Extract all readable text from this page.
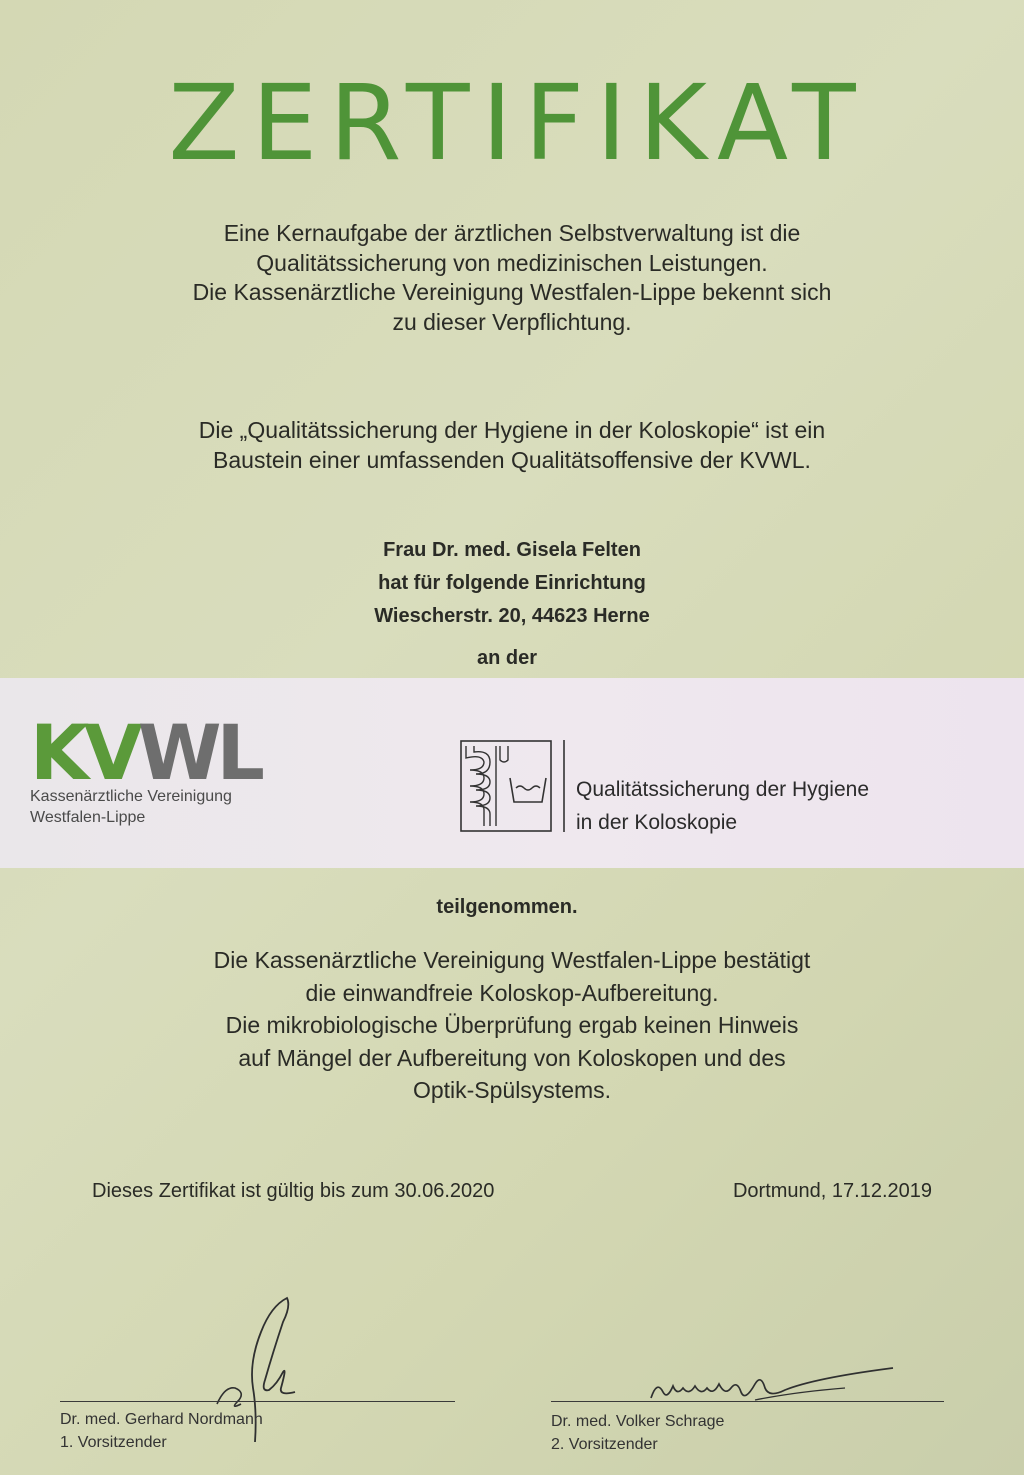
ZERTIFIKAT
Eine Kernaufgabe der ärztlichen Selbstverwaltung ist die
Qualitätssicherung von medizinischen Leistungen.
Die Kassenärztliche Vereinigung Westfalen-Lippe bekennt sich
zu dieser Verpflichtung.
Die „Qualitätssicherung der Hygiene in der Koloskopie“ ist ein
Baustein einer umfassenden Qualitätsoffensive der KVWL.
Frau Dr. med. Gisela Felten
hat für folgende Einrichtung
Wiescherstr. 20, 44623 Herne
an der
KVWL
Kassenärztliche Vereinigung
Westfalen-Lippe
Qualitätssicherung der Hygiene
in der Koloskopie
teilgenommen.
Die Kassenärztliche Vereinigung Westfalen-Lippe bestätigt
die einwandfreie Koloskop-Aufbereitung.
Die mikrobiologische Überprüfung ergab keinen Hinweis
auf Mängel der Aufbereitung von Koloskopen und des
Optik-Spülsystems.
Dieses Zertifikat ist gültig bis zum 30.06.2020	Dortmund, 17.12.2019
Dr. med. Gerhard Nordmann
1. Vorsitzender
Dr. med. Volker Schrage
2. Vorsitzender
